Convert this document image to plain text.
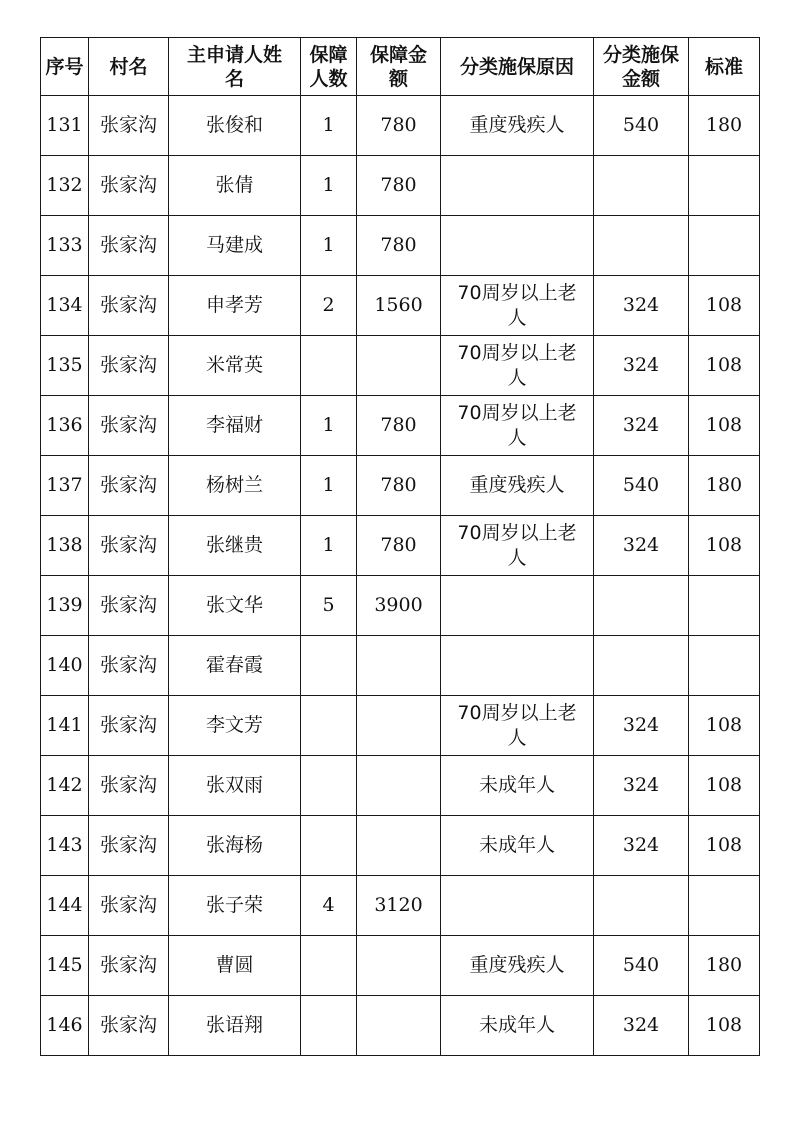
序号	村名	主申请人姓名	保障人数	保障金额	分类施保原因	分类施保金额	标准
131	张家沟	张俊和	1	780	重度残疾人	540	180
132	张家沟	张倩	1	780			
133	张家沟	马建成	1	780			
134	张家沟	申孝芳	2	1560	70周岁以上老人	324	108
135	张家沟	米常英			70周岁以上老人	324	108
136	张家沟	李福财	1	780	70周岁以上老人	324	108
137	张家沟	杨树兰	1	780	重度残疾人	540	180
138	张家沟	张继贵	1	780	70周岁以上老人	324	108
139	张家沟	张文华	5	3900			
140	张家沟	霍春霞					
141	张家沟	李文芳			70周岁以上老人	324	108
142	张家沟	张双雨			未成年人	324	108
143	张家沟	张海杨			未成年人	324	108
144	张家沟	张子荣	4	3120			
145	张家沟	曹圆			重度残疾人	540	180
146	张家沟	张语翔			未成年人	324	108
